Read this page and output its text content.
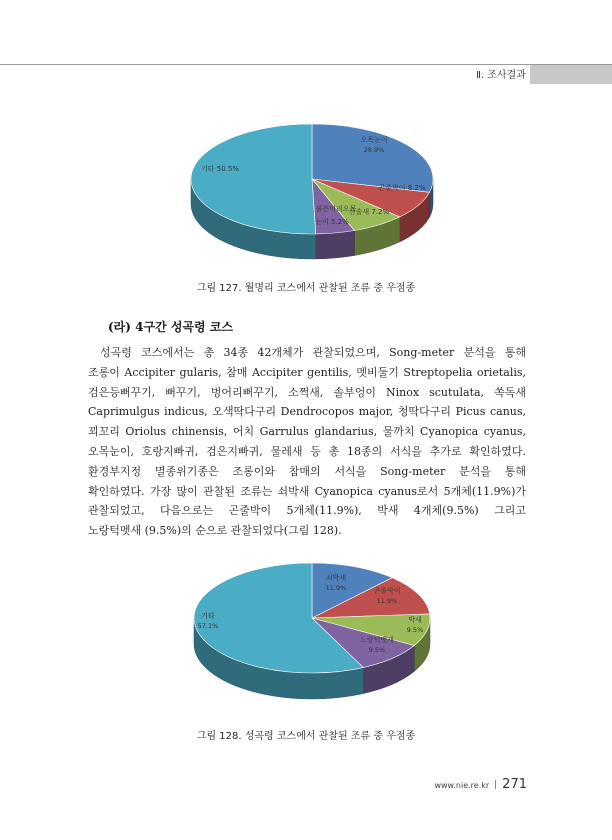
Ⅱ. 조사결과
오목눈이
28.9%
곤줄박이 8.2%
산솔새 7.2%
붉은머리오목
눈이 5.2%
기타 50.5%
그림 127. 월명리 코스에서 관찰된 조류 중 우점종
(라) 4구간 성곡령 코스
성곡령 코스에서는 총 34종 42개체가 관찰되었으며, Song-meter 분석을 통해
조롱이 Accipiter gularis, 참매 Accipiter gentilis, 멧비둘기 Streptopelia orietalis,
검은등뻐꾸기, 뻐꾸기, 벙어리뻐꾸기, 소쩍새, 솔부엉이 Ninox scutulata, 쏙독새
Caprimulgus indicus, 오색딱다구리 Dendrocopos major, 청딱다구리 Picus canus,
꾀꼬리 Oriolus chinensis, 어치 Garrulus glandarius, 물까치 Cyanopica cyanus,
오목눈이, 호랑지빠귀, 검은지빠귀, 물레새 등 총 18종의 서식을 추가로 확인하였다.
환경부지정 멸종위기종은 조롱이와 참매의 서식을 Song-meter 분석을 통해
확인하였다. 가장 많이 관찰된 조류는 쇠박새 Cyanopica cyanus로서 5개체(11.9%)가
관찰되었고, 다음으로는 곤줄박이 5개체(11.9%), 박새 4개체(9.5%) 그리고
노랑턱멧새 (9.5%)의 순으로 관찰되었다(그림 128).
쇠박새
11.9%	곤줄박이
11.9%
박새
9.5%
노랑턱멧새
9.5%
기타
57.1%
그림 128. 성곡령 코스에서 관찰된 조류 중 우점종
www.nie.re.kr 271
